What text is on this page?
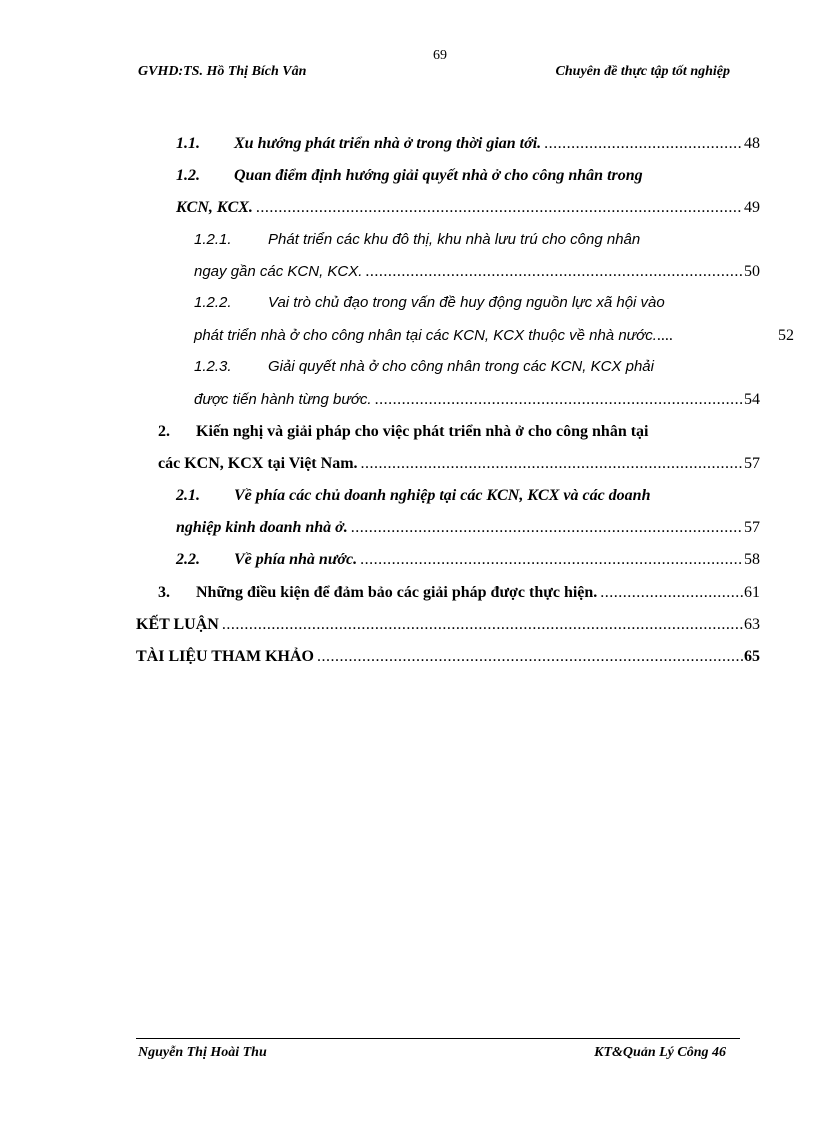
69
GVHD:TS. Hồ Thị Bích Vân	Chuyên đề thực tập tốt nghiệp
1.1.	Xu hướng phát triển nhà ở trong thời gian tới. .....	48
1.2.	Quan điểm định hướng giải quyết nhà ở cho công nhân trong
KCN, KCX. .....	49
1.2.1.	Phát triển các khu đô thị, khu nhà lưu trú cho công nhân
ngay gần các KCN, KCX. .....	50
1.2.2.	Vai trò chủ đạo trong vấn đề huy động nguồn lực xã hội vào
phát triển nhà ở cho công nhân tại các KCN, KCX thuộc về nhà nước. ....	52
1.2.3.	Giải quyết nhà ở cho công nhân trong các KCN, KCX phải
được tiến hành từng bước. .....	54
2.	Kiến nghị và giải pháp cho việc phát triển nhà ở cho công nhân tại
các KCN, KCX tại Việt Nam. .....	57
2.1.	Về phía các chủ doanh nghiệp tại các KCN, KCX và các doanh
nghiệp kinh doanh nhà ở. .....	57
2.2.	Về phía nhà nước. .....	58
3.	Những điều kiện để đảm bảo các giải pháp được thực hiện. .....	61
KẾT LUẬN .....	63
TÀI LIỆU THAM KHẢO .....	65
Nguyễn Thị Hoài Thu	KT&Quản Lý Công 46
